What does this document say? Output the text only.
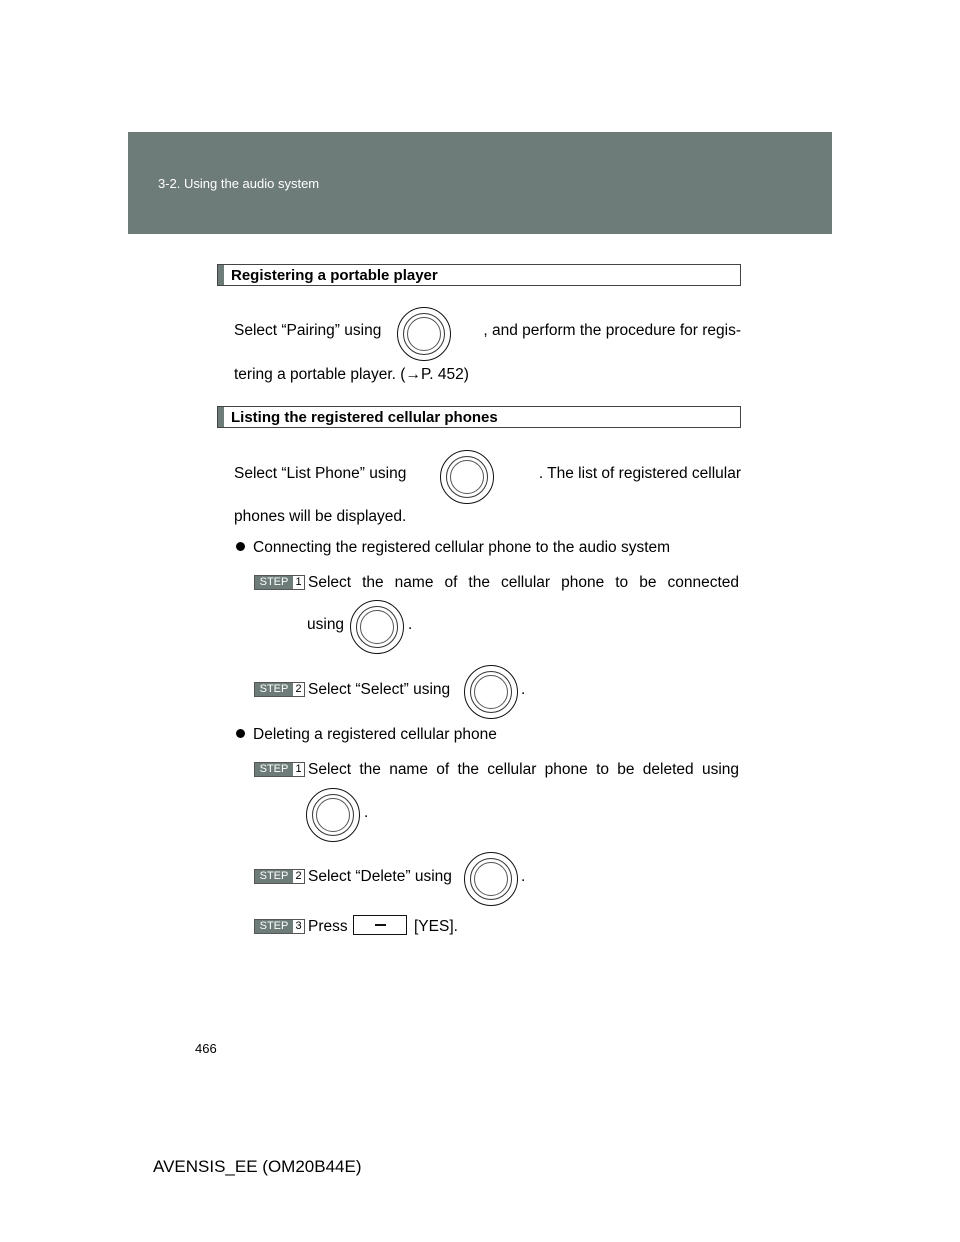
3-2. Using the audio system
Registering a portable player
Select “Pairing” using	, and perform the procedure for regis-
tering a portable player. (→P. 452)
Listing the registered cellular phones
Select “List Phone” using	. The list of registered cellular
phones will be displayed.
Connecting the registered cellular phone to the audio system
STEP 1 Select the name of the cellular phone to be connected
using	.
STEP 2 Select “Select” using	.
Deleting a registered cellular phone
STEP 1 Select the name of the cellular phone to be deleted using
.
STEP 2 Select “Delete” using	.
STEP 3 Press	[YES].
466
AVENSIS_EE (OM20B44E)
